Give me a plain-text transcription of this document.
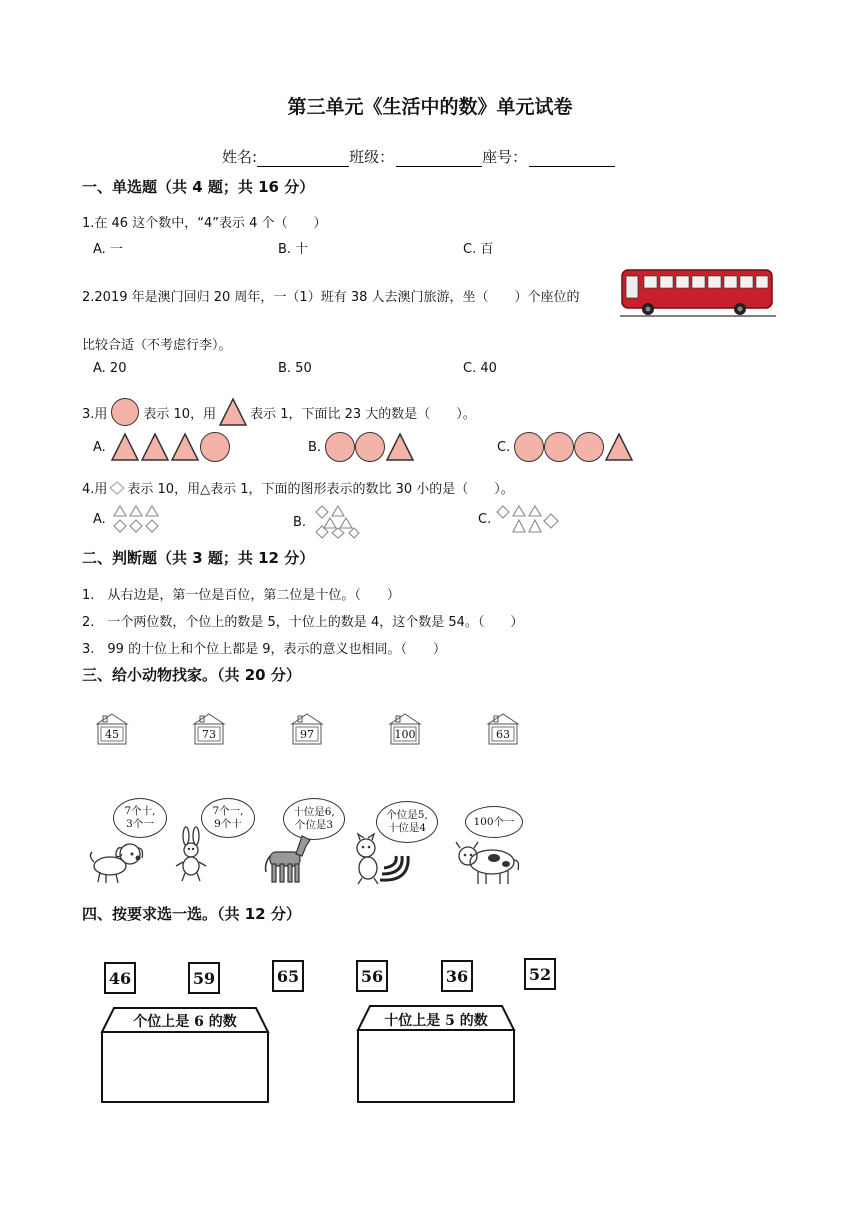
第三单元《生活中的数》单元试卷
姓名:	班级：	座号：
一、单选题（共 4 题；共 16 分）
1.在 46 这个数中，“4”表示 4 个（　　）
A. 一	B. 十	C. 百
2.2019 年是澳门回归 20 周年，一（1）班有 38 人去澳门旅游，坐（　　）个座位的
比较合适（不考虑行李）。
A. 20	B. 50	C. 40
3.用	表示 10，用	表示 1，下面比 23 大的数是（　　）。
A.	B.	C.
4.用 表示 10，用△表示 1，下面的图形表示的数比 30 小的是（　　）。
A.	B.	C.
二、判断题（共 3 题；共 12 分）
1.　从右边是，第一位是百位，第二位是十位。（　　）
2.　一个两位数，个位上的数是 5，十位上的数是 4，这个数是 54。（　　）
3.　99 的十位上和个位上都是 9，表示的意义也相同。（　　）
三、给小动物找家。（共 20 分）
45	73	97	100	63
7个十,
3个一
7个一,
9个十
十位是6,
个位是3
个位是5,
十位是4
100个一
四、按要求选一选。（共 12 分）
46	59	65	56	36	52
个位上是 6 的数	十位上是 5 的数
